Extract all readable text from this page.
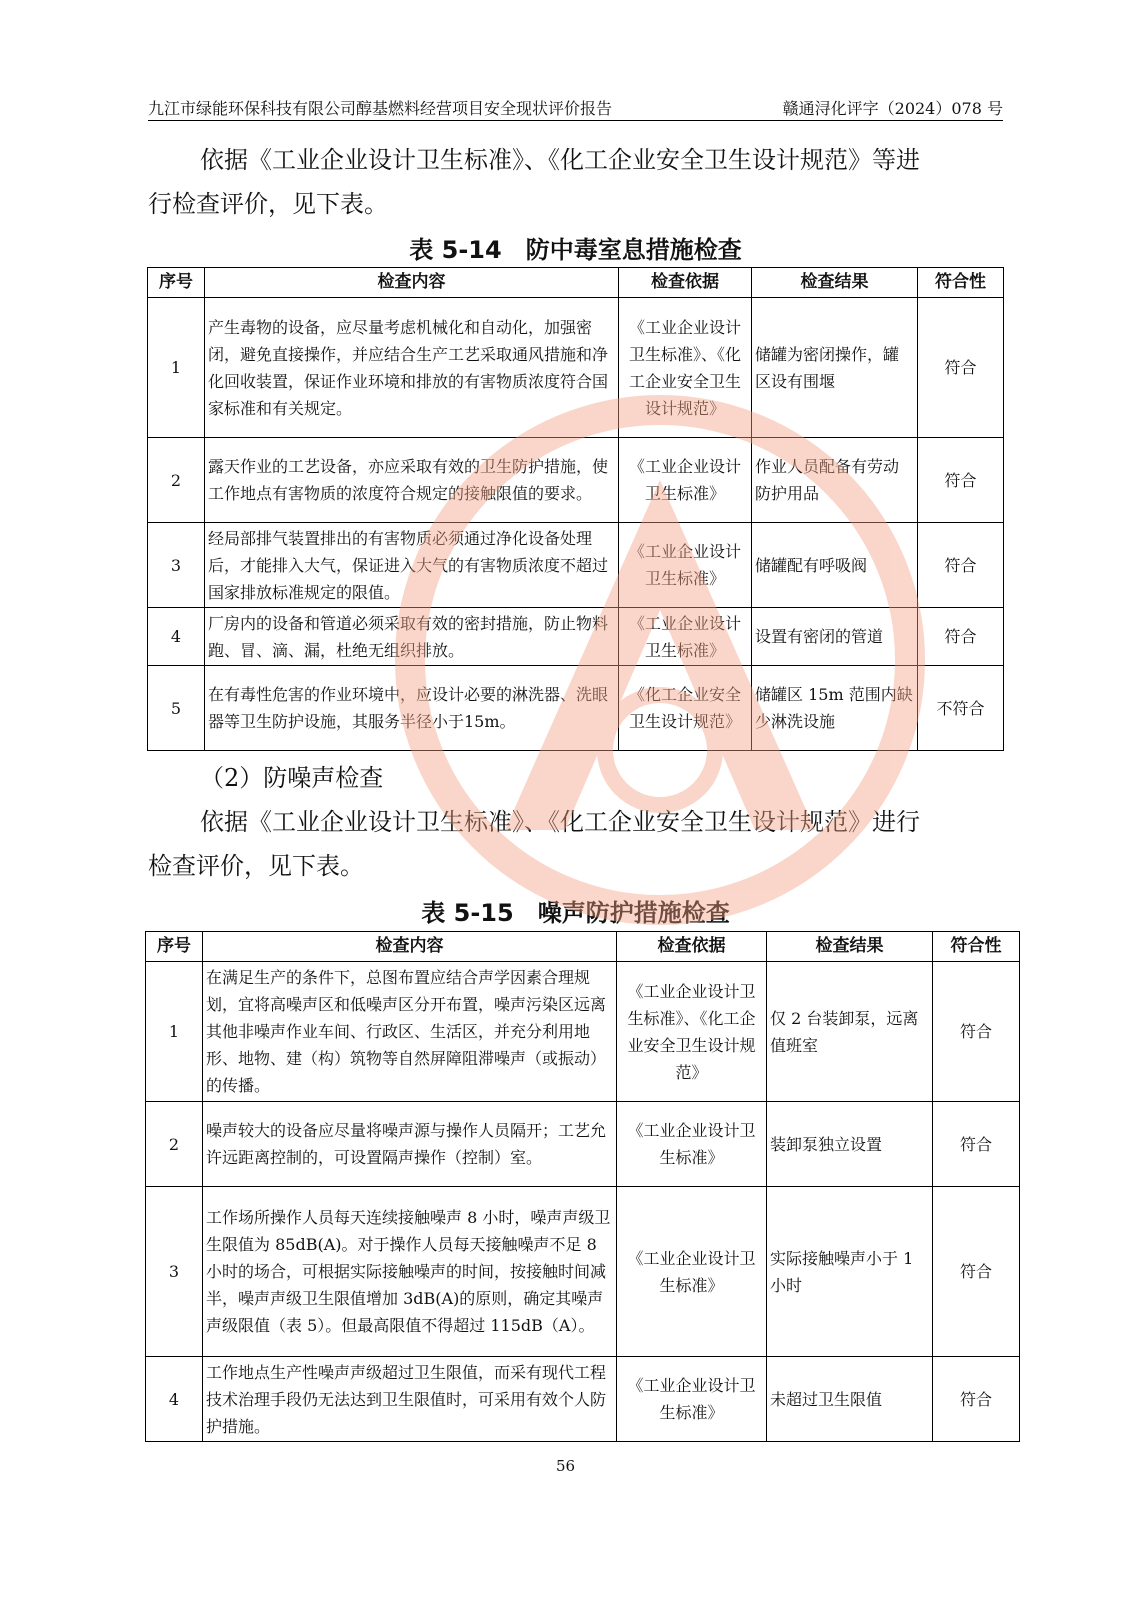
九江市绿能环保科技有限公司醇基燃料经营项目安全现状评价报告	赣通浔化评字（2024）078 号
依据《工业企业设计卫生标准》、《化工企业安全卫生设计规范》等进
行检查评价，见下表。
表 5-14　防中毒室息措施检查
序号	检查内容	检查依据	检查结果	符合性
1	产生毒物的设备，应尽量考虑机械化和自动化，加强密闭，避免直接操作，并应结合生产工艺采取通风措施和净化回收装置，保证作业环境和排放的有害物质浓度符合国家标准和有关规定。	《工业企业设计卫生标准》、《化工企业安全卫生设计规范》	储罐为密闭操作，罐区设有围堰	符合
2	露天作业的工艺设备，亦应采取有效的卫生防护措施，使工作地点有害物质的浓度符合规定的接触限值的要求。	《工业企业设计卫生标准》	作业人员配备有劳动防护用品	符合
3	经局部排气装置排出的有害物质必须通过净化设备处理后，才能排入大气，保证进入大气的有害物质浓度不超过国家排放标准规定的限值。	《工业企业设计卫生标准》	储罐配有呼吸阀	符合
4	厂房内的设备和管道必须采取有效的密封措施，防止物料跑、冒、滴、漏，杜绝无组织排放。	《工业企业设计卫生标准》	设置有密闭的管道	符合
5	在有毒性危害的作业环境中，应设计必要的淋洗器、洗眼器等卫生防护设施，其服务半径小于15m。	《化工企业安全卫生设计规范》	储罐区 15m 范围内缺少淋洗设施	不符合
（2）防噪声检查
依据《工业企业设计卫生标准》、《化工企业安全卫生设计规范》进行
检查评价，见下表。
表 5-15　噪声防护措施检查
序号	检查内容	检查依据	检查结果	符合性
1	在满足生产的条件下，总图布置应结合声学因素合理规划，宜将高噪声区和低噪声区分开布置，噪声污染区远离其他非噪声作业车间、行政区、生活区，并充分利用地形、地物、建（构）筑物等自然屏障阻滞噪声（或振动）的传播。	《工业企业设计卫生标准》、《化工企业安全卫生设计规范》	仅 2 台装卸泵，远离值班室	符合
2	噪声较大的设备应尽量将噪声源与操作人员隔开；工艺允许远距离控制的，可设置隔声操作（控制）室。	《工业企业设计卫生标准》	装卸泵独立设置	符合
3	工作场所操作人员每天连续接触噪声 8 小时，噪声声级卫生限值为 85dB(A)。对于操作人员每天接触噪声不足 8 小时的场合，可根据实际接触噪声的时间，按接触时间减半，噪声声级卫生限值增加 3dB(A)的原则，确定其噪声声级限值（表 5）。但最高限值不得超过 115dB（A）。	《工业企业设计卫生标准》	实际接触噪声小于 1 小时	符合
4	工作地点生产性噪声声级超过卫生限值，而采有现代工程技术治理手段仍无法达到卫生限值时，可采用有效个人防护措施。	《工业企业设计卫生标准》	未超过卫生限值	符合
56
